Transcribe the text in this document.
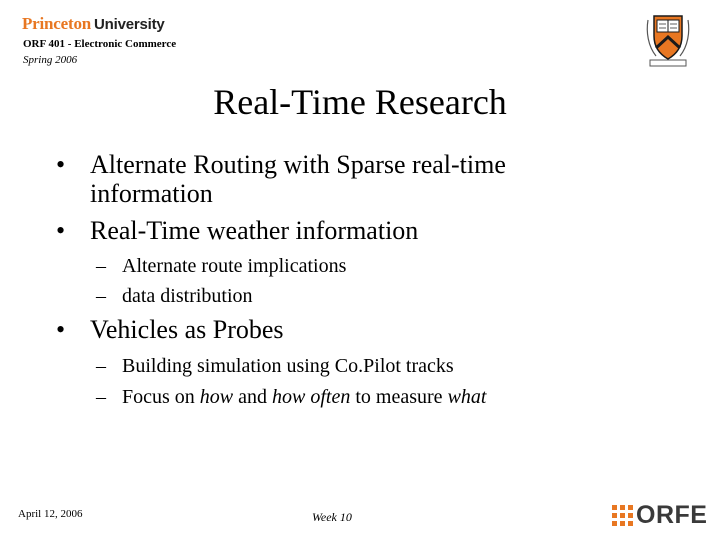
Princeton University
ORF 401 - Electronic Commerce
Spring 2006
Real-Time Research
• Alternate Routing with Sparse real-time
information
• Real-Time weather information
– Alternate route implications
– data distribution
• Vehicles as Probes
– Building simulation using Co.Pilot tracks
– Focus on how and how often to measure what
April 12, 2006	Week 10	ORFE
